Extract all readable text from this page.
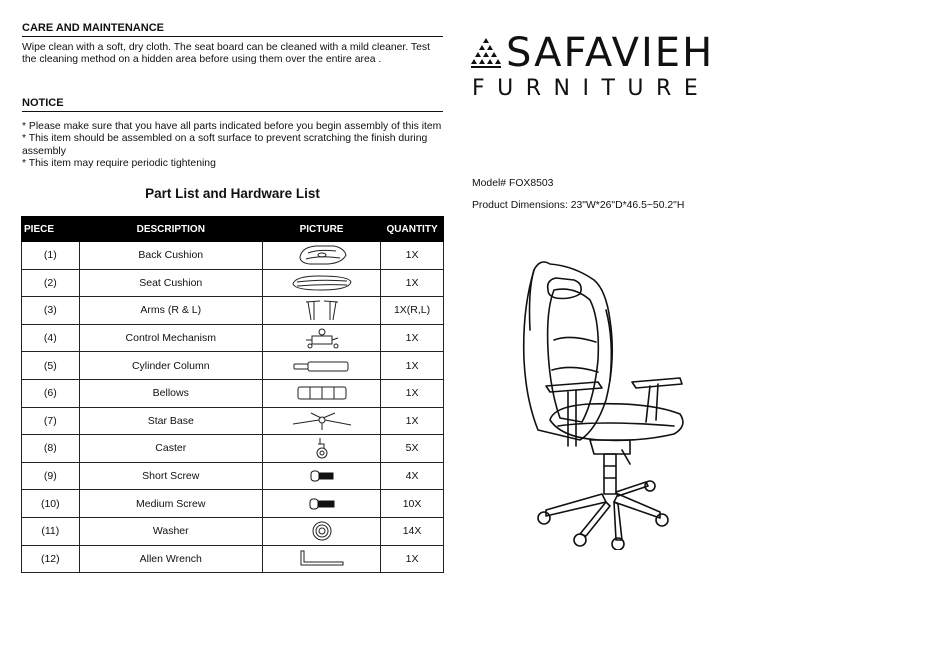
CARE AND MAINTENANCE
Wipe clean with a soft, dry cloth. The seat board can be cleaned with a mild cleaner. Test the cleaning method on a hidden area before using them over the entire area .
NOTICE

* Please make sure that you have all parts indicated before you begin assembly of this item

* This item should be assembled on a soft surface to prevent scratching the finish during assembly

* This item may require periodic tightening

Part List and Hardware List
PIECE	DESCRIPTION	PICTURE	QUANTITY
(1)	Back Cushion		1X
(2)	Seat Cushion		1X
(3)	Arms (R & L)		1X(R,L)
(4)	Control Mechanism		1X
(5)	Cylinder Column		1X
(6)	Bellows		1X
(7)	Star Base		1X
(8)	Caster		5X
(9)	Short Screw		4X
(10)	Medium Screw		10X
(11)	Washer		14X
(12)	Allen Wrench		1X
SAFAVIEH
FURNITURE
Model# FOX8503
Product Dimensions: 23"W*26"D*46.5~50.2"H
